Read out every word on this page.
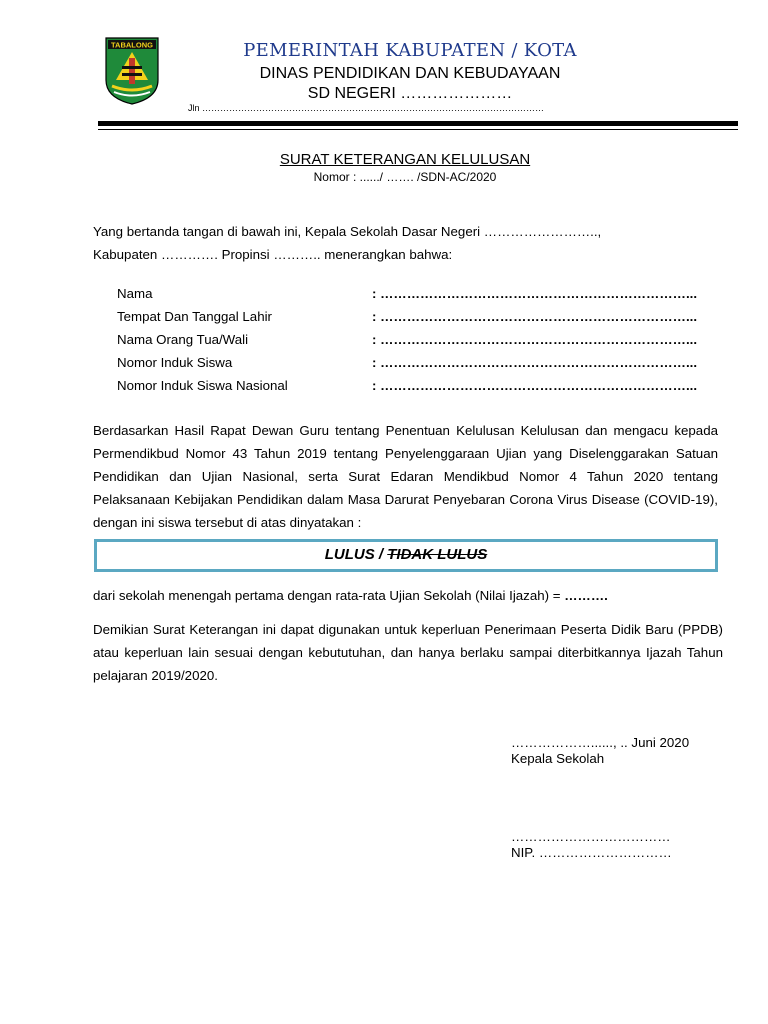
TABALONG	PEMERINTAH KABUPATEN / KOTA
DINAS PENDIDIKAN DAN KEBUDAYAAN
SD NEGERI …………………
Jln ……………………………………………………………………………………………………
SURAT KETERANGAN KELULUSAN
Nomor : ....../ ……. /SDN-AC/2020
Yang bertanda tangan di bawah ini, Kepala Sekolah Dasar Negeri ……………………..,
Kabupaten …………. Propinsi ……….. menerangkan bahwa:
Nama	: ……………………………………………………………...
Tempat Dan Tanggal Lahir	: ……………………………………………………………...
Nama Orang Tua/Wali	: ……………………………………………………………...
Nomor Induk Siswa	: ……………………………………………………………...
Nomor Induk Siswa Nasional	: ……………………………………………………………...
Berdasarkan Hasil Rapat Dewan Guru tentang Penentuan Kelulusan Kelulusan dan mengacu kepada Permendikbud Nomor 43 Tahun 2019 tentang Penyelenggaraan Ujian yang Diselenggarakan Satuan Pendidikan dan Ujian Nasional, serta Surat Edaran Mendikbud Nomor 4 Tahun 2020 tentang Pelaksanaan Kebijakan Pendidikan dalam Masa Darurat Penyebaran Corona Virus Disease (COVID-19), dengan ini siswa tersebut di atas dinyatakan :
LULUS / TIDAK LULUS
dari sekolah menengah pertama dengan rata-rata Ujian Sekolah (Nilai Ijazah) = ……….
Demikian Surat Keterangan ini dapat digunakan untuk keperluan Penerimaan Peserta Didik Baru (PPDB) atau keperluan lain sesuai dengan kebututuhan, dan hanya berlaku sampai diterbitkannya Ijazah Tahun pelajaran 2019/2020.
………………......, .. Juni 2020
Kepala Sekolah
………………………………
NIP. …………………………
